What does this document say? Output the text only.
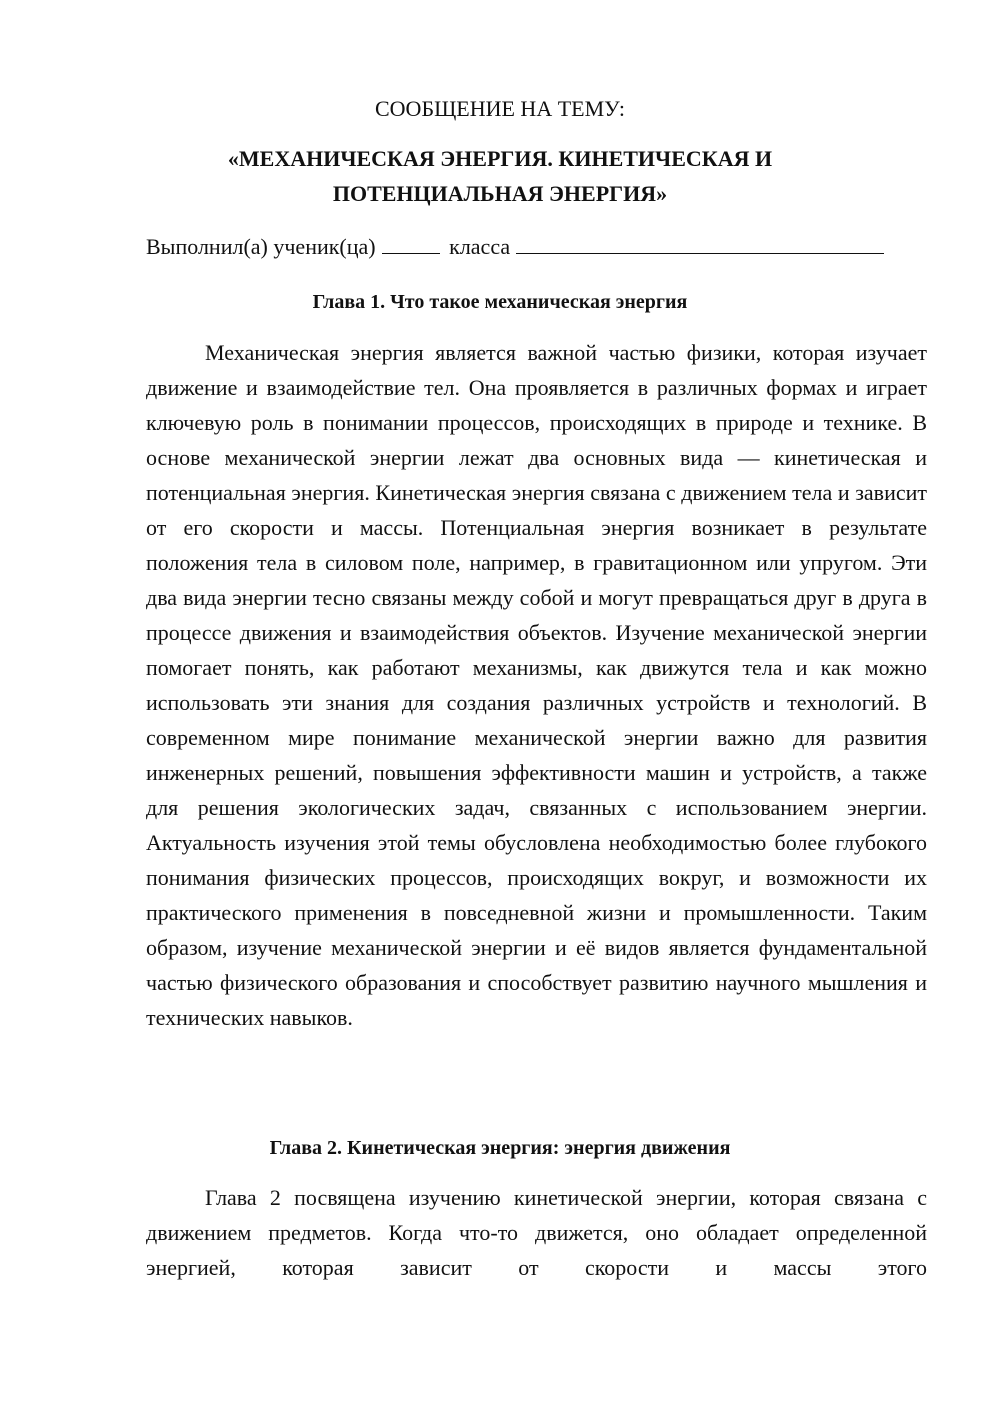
СООБЩЕНИЕ НА ТЕМУ:
«МЕХАНИЧЕСКАЯ ЭНЕРГИЯ. КИНЕТИЧЕСКАЯ И
ПОТЕНЦИАЛЬНАЯ ЭНЕРГИЯ»
Выполнил(а) ученик(ца)	класса
Глава 1. Что такое механическая энергия

Механическая энергия является важной частью физики, которая изучает движение и взаимодействие тел. Она проявляется в различных формах и играет ключевую роль в понимании процессов, происходящих в природе и технике. В основе механической энергии лежат два основных вида — кинетическая и потенциальная энергия. Кинетическая энергия связана с движением тела и зависит от его скорости и массы. Потенциальная энергия возникает в результате положения тела в силовом поле, например, в гравитационном или упругом. Эти два вида энергии тесно связаны между собой и могут превращаться друг в друга в процессе движения и взаимодействия объектов. Изучение механической энергии помогает понять, как работают механизмы, как движутся тела и как можно использовать эти знания для создания различных устройств и технологий. В современном мире понимание механической энергии важно для развития инженерных решений, повышения эффективности машин и устройств, а также для решения экологических задач, связанных с использованием энергии. Актуальность изучения этой темы обусловлена необходимостью более глубокого понимания физических процессов, происходящих вокруг, и возможности их практического применения в повседневной жизни и промышленности. Таким образом, изучение механической энергии и её видов является фундаментальной частью физического образования и способствует развитию научного мышления и технических навыков.

Глава 2. Кинетическая энергия: энергия движения

Глава 2 посвящена изучению кинетической энергии, которая связана с движением предметов. Когда что-то движется, оно обладает определенной энергией, которая зависит от скорости и массы этого
